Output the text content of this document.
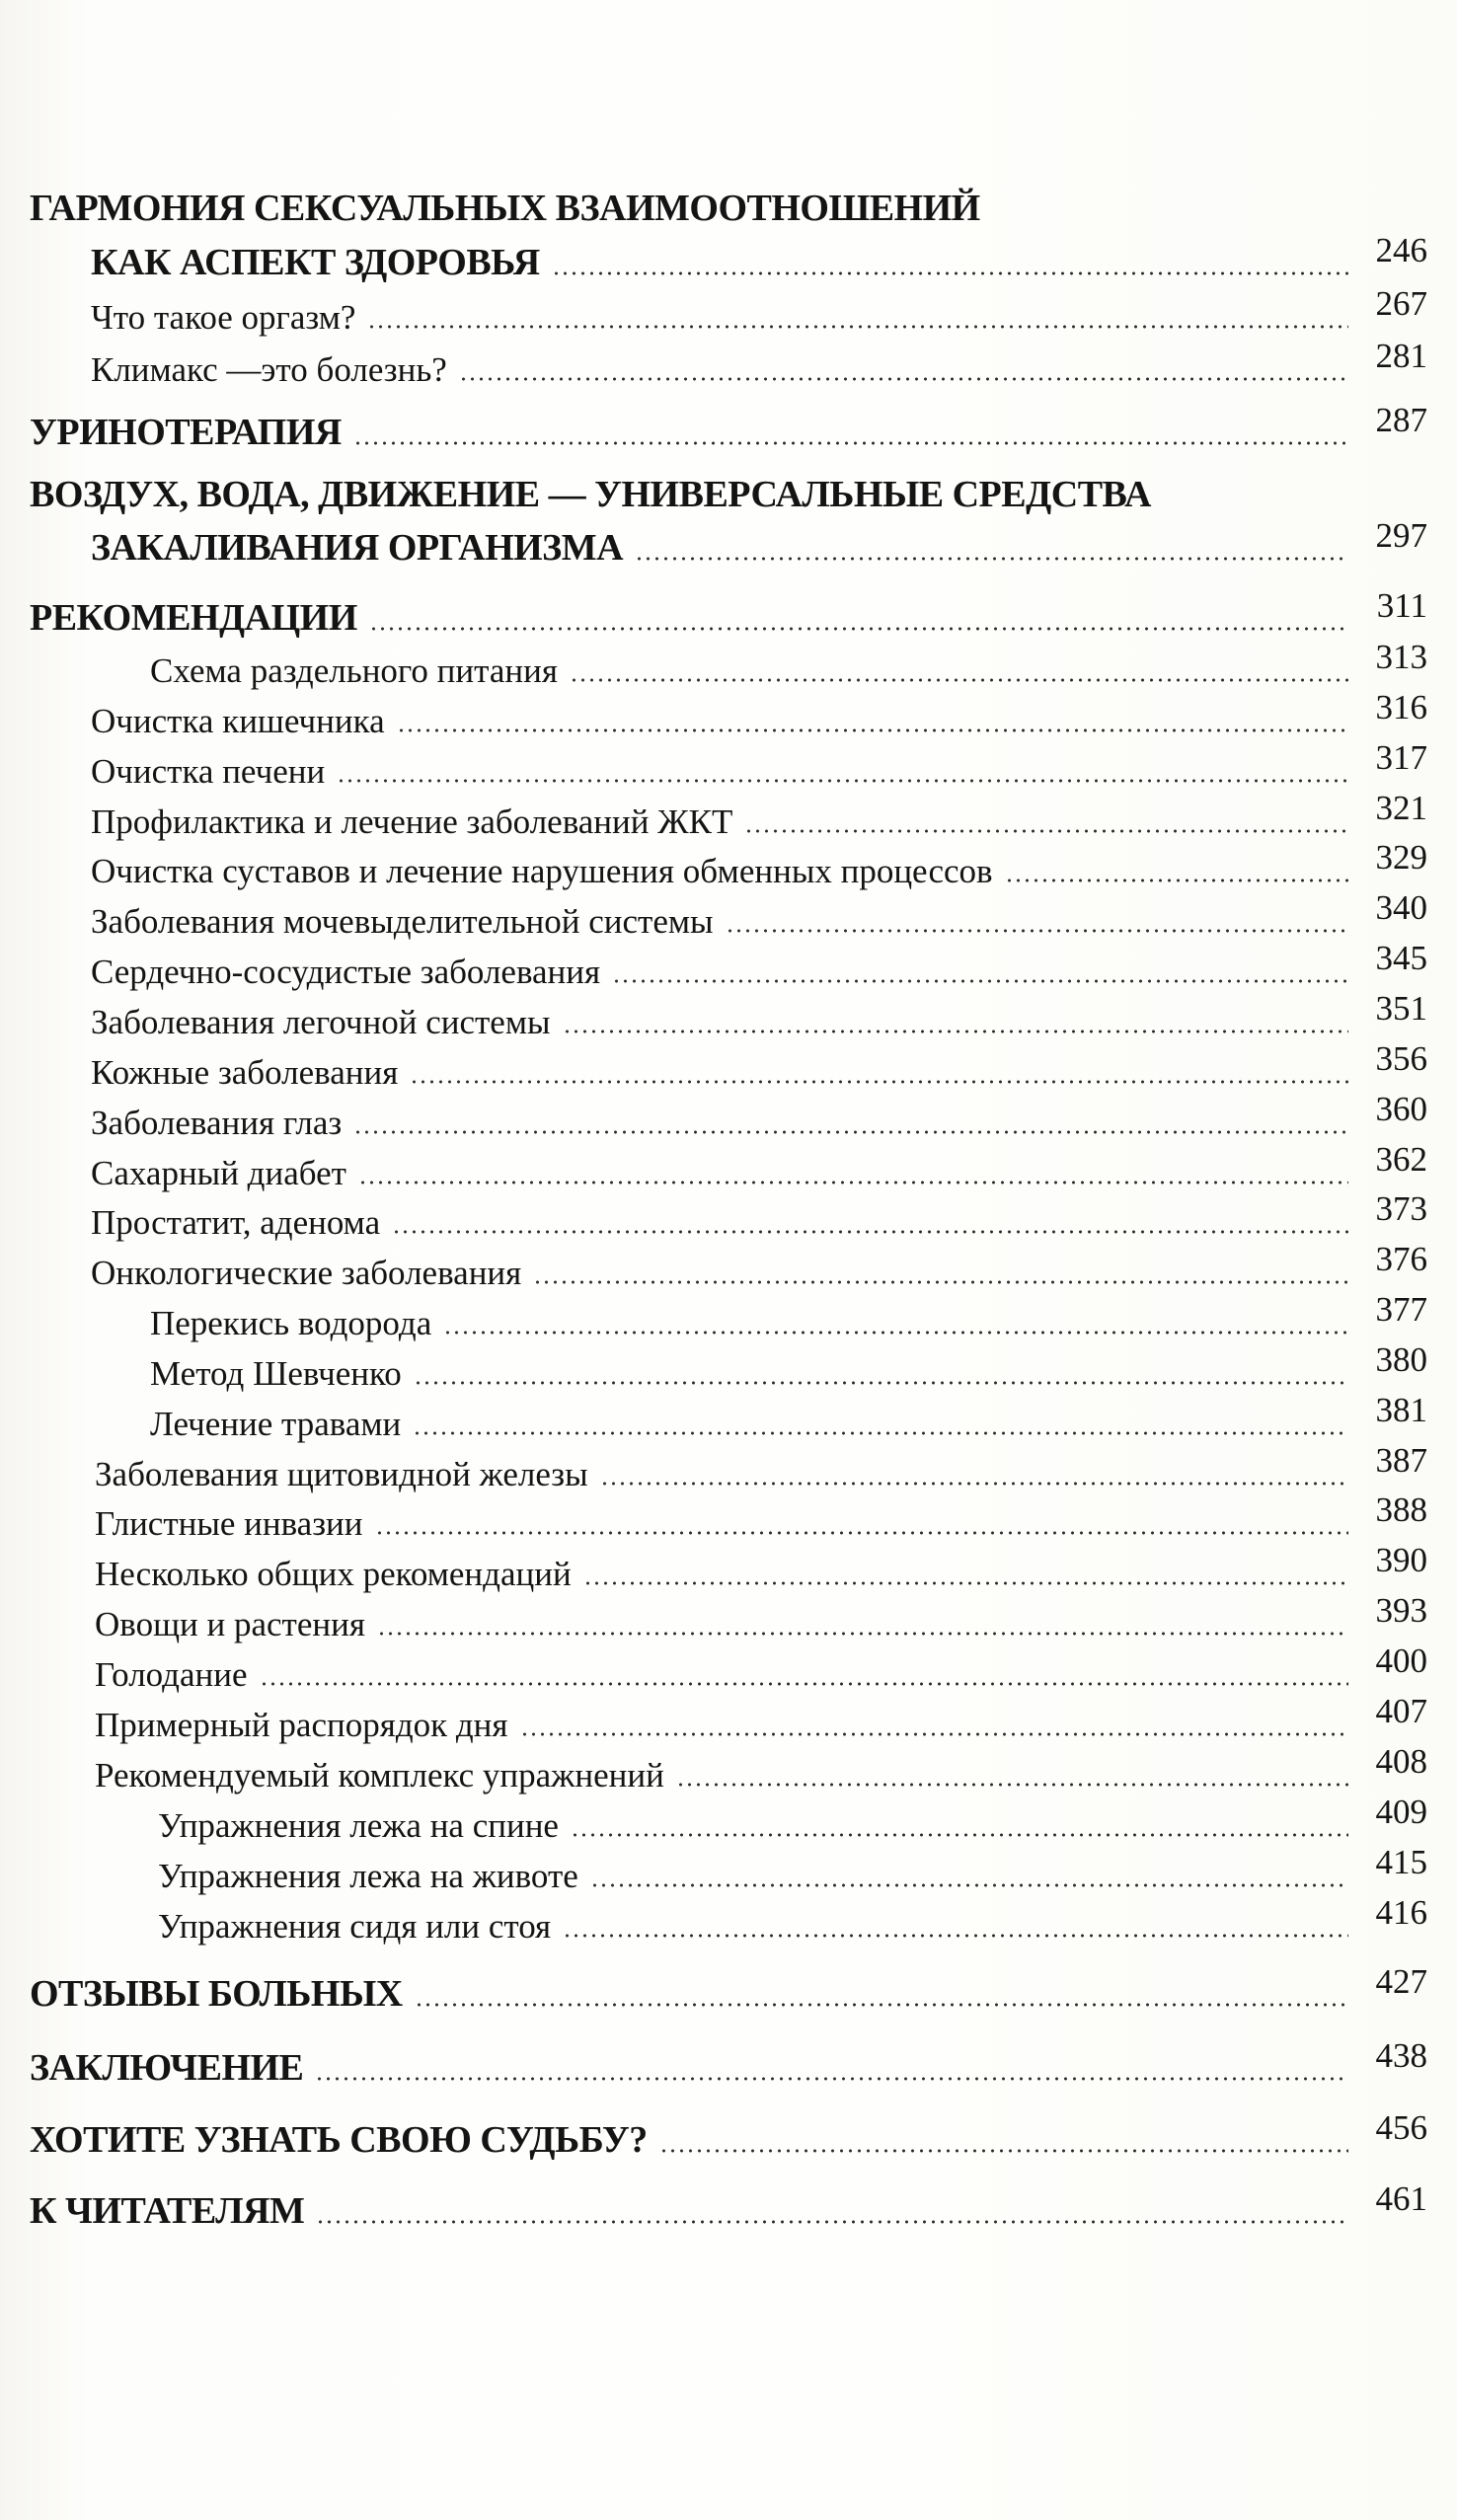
ГАРМОНИЯ СЕКСУАЛЬНЫХ ВЗАИМООТНОШЕНИЙ
КАК АСПЕКТ ЗДОРОВЬЯ	246
Что такое оргазм?	267
Климакс —это болезнь?	281
УРИНОТЕРАПИЯ	287
ВОЗДУХ, ВОДА, ДВИЖЕНИЕ — УНИВЕРСАЛЬНЫЕ СРЕДСТВА
ЗАКАЛИВАНИЯ ОРГАНИЗМА	297
РЕКОМЕНДАЦИИ	311
Схема раздельного питания	313
Очистка кишечника	316
Очистка печени	317
Профилактика и лечение заболеваний ЖКТ	321
Очистка суставов и лечение нарушения обменных процессов	329
Заболевания мочевыделительной системы	340
Сердечно-сосудистые заболевания	345
Заболевания легочной системы	351
Кожные заболевания	356
Заболевания глаз	360
Сахарный диабет	362
Простатит, аденома	373
Онкологические заболевания	376
Перекись водорода	377
Метод Шевченко	380
Лечение травами	381
Заболевания щитовидной железы	387
Глистные инвазии	388
Несколько общих рекомендаций	390
Овощи и растения	393
Голодание	400
Примерный распорядок дня	407
Рекомендуемый комплекс упражнений	408
Упражнения лежа на спине	409
Упражнения лежа на животе	415
Упражнения сидя или стоя	416
ОТЗЫВЫ БОЛЬНЫХ	427
ЗАКЛЮЧЕНИЕ	438
ХОТИТЕ УЗНАТЬ СВОЮ СУДЬБУ?	456
К ЧИТАТЕЛЯМ	461
